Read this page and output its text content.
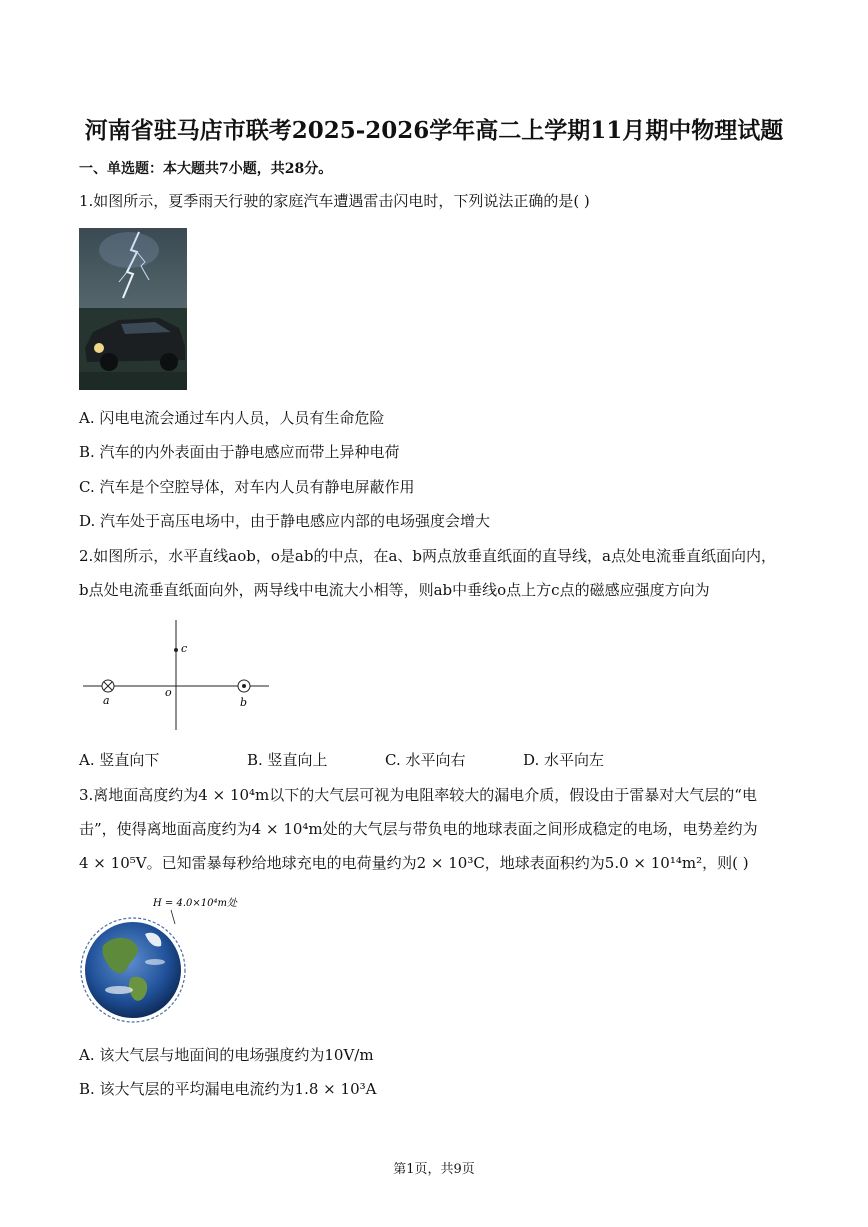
河南省驻马店市联考2025-2026学年高二上学期11月期中物理试题
一、单选题：本大题共7小题，共28分。
1.如图所示，夏季雨天行驶的家庭汽车遭遇雷击闪电时，下列说法正确的是( )
A. 闪电电流会通过车内人员，人员有生命危险
B. 汽车的内外表面由于静电感应而带上异种电荷
C. 汽车是个空腔导体，对车内人员有静电屏蔽作用
D. 汽车处于高压电场中，由于静电感应内部的电场强度会增大
2.如图所示，水平直线aob，o是ab的中点，在a、b两点放垂直纸面的直导线，a点处电流垂直纸面向内，
b点处电流垂直纸面向外，两导线中电流大小相等，则ab中垂线o点上方c点的磁感应强度方向为
c
o
a	b
A. 竖直向下	B. 竖直向上	C. 水平向右	D. 水平向左
3.离地面高度约为4 × 10⁴m以下的大气层可视为电阻率较大的漏电介质，假设由于雷暴对大气层的“电
击”，使得离地面高度约为4 × 10⁴m处的大气层与带负电的地球表面之间形成稳定的电场，电势差约为
4 × 10⁵V。已知雷暴每秒给地球充电的电荷量约为2 × 10³C，地球表面积约为5.0 × 10¹⁴m²，则( )
H = 4.0×10⁴m处
A. 该大气层与地面间的电场强度约为10V/m
B. 该大气层的平均漏电电流约为1.8 × 10³A
第1页，共9页
